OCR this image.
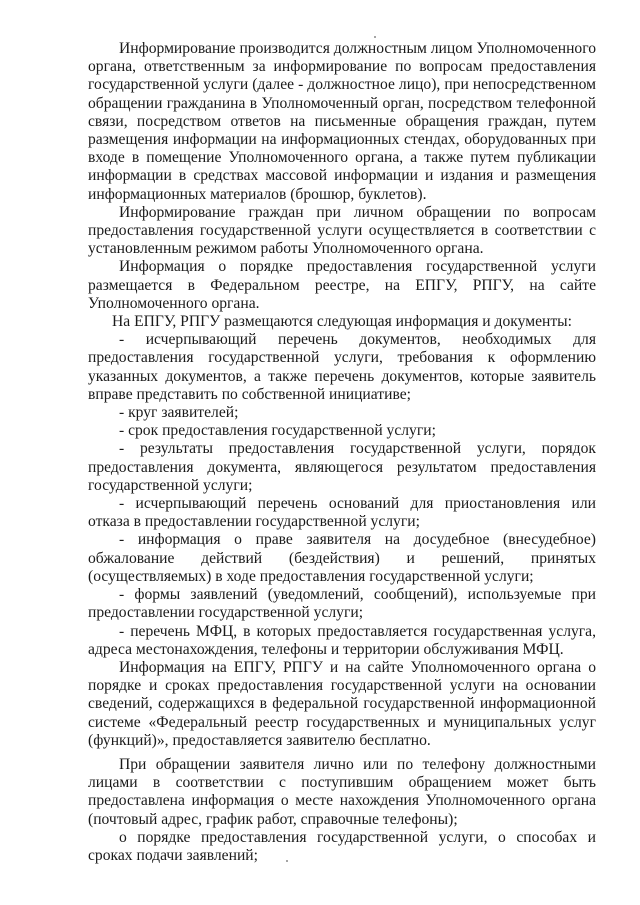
Информирование производится должностным лицом Уполномоченного органа, ответственным за информирование по вопросам предоставления государственной услуги (далее - должностное лицо), при непосредственном обращении гражданина в Уполномоченный орган, посредством телефонной связи, посредством ответов на письменные обращения граждан, путем размещения информации на информационных стендах, оборудованных при входе в помещение Уполномоченного органа, а также путем публикации информации в средствах массовой информации и издания и размещения информационных материалов (брошюр, буклетов).

Информирование граждан при личном обращении по вопросам предоставления государственной услуги осуществляется в соответствии с установленным режимом работы Уполномоченного органа.

Информация о порядке предоставления государственной услуги размещается в Федеральном реестре, на ЕПГУ, РПГУ, на сайте Уполномоченного органа.

На ЕПГУ, РПГУ размещаются следующая информация и документы:

- исчерпывающий перечень документов, необходимых для предоставления государственной услуги, требования к оформлению указанных документов, а также перечень документов, которые заявитель вправе представить по собственной инициативе;

- круг заявителей;

- срок предоставления государственной услуги;

- результаты предоставления государственной услуги, порядок предоставления документа, являющегося результатом предоставления государственной услуги;

- исчерпывающий перечень оснований для приостановления или отказа в предоставлении государственной услуги;

- информация о праве заявителя на досудебное (внесудебное) обжалование действий (бездействия) и решений, принятых (осуществляемых) в ходе предоставления государственной услуги;

- формы заявлений (уведомлений, сообщений), используемые при предоставлении государственной услуги;

- перечень МФЦ, в которых предоставляется государственная услуга, адреса местонахождения, телефоны и территории обслуживания МФЦ.

Информация на ЕПГУ, РПГУ и на сайте Уполномоченного органа о порядке и сроках предоставления государственной услуги на основании сведений, содержащихся в федеральной государственной информационной системе «Федеральный реестр государственных и муниципальных услуг (функций)», предоставляется заявителю бесплатно.

При обращении заявителя лично или по телефону должностными лицами в соответствии с поступившим обращением может быть предоставлена информация о месте нахождения Уполномоченного органа (почтовый адрес, график работ, справочные телефоны);

о порядке предоставления государственной услуги, о способах и сроках подачи заявлений;
